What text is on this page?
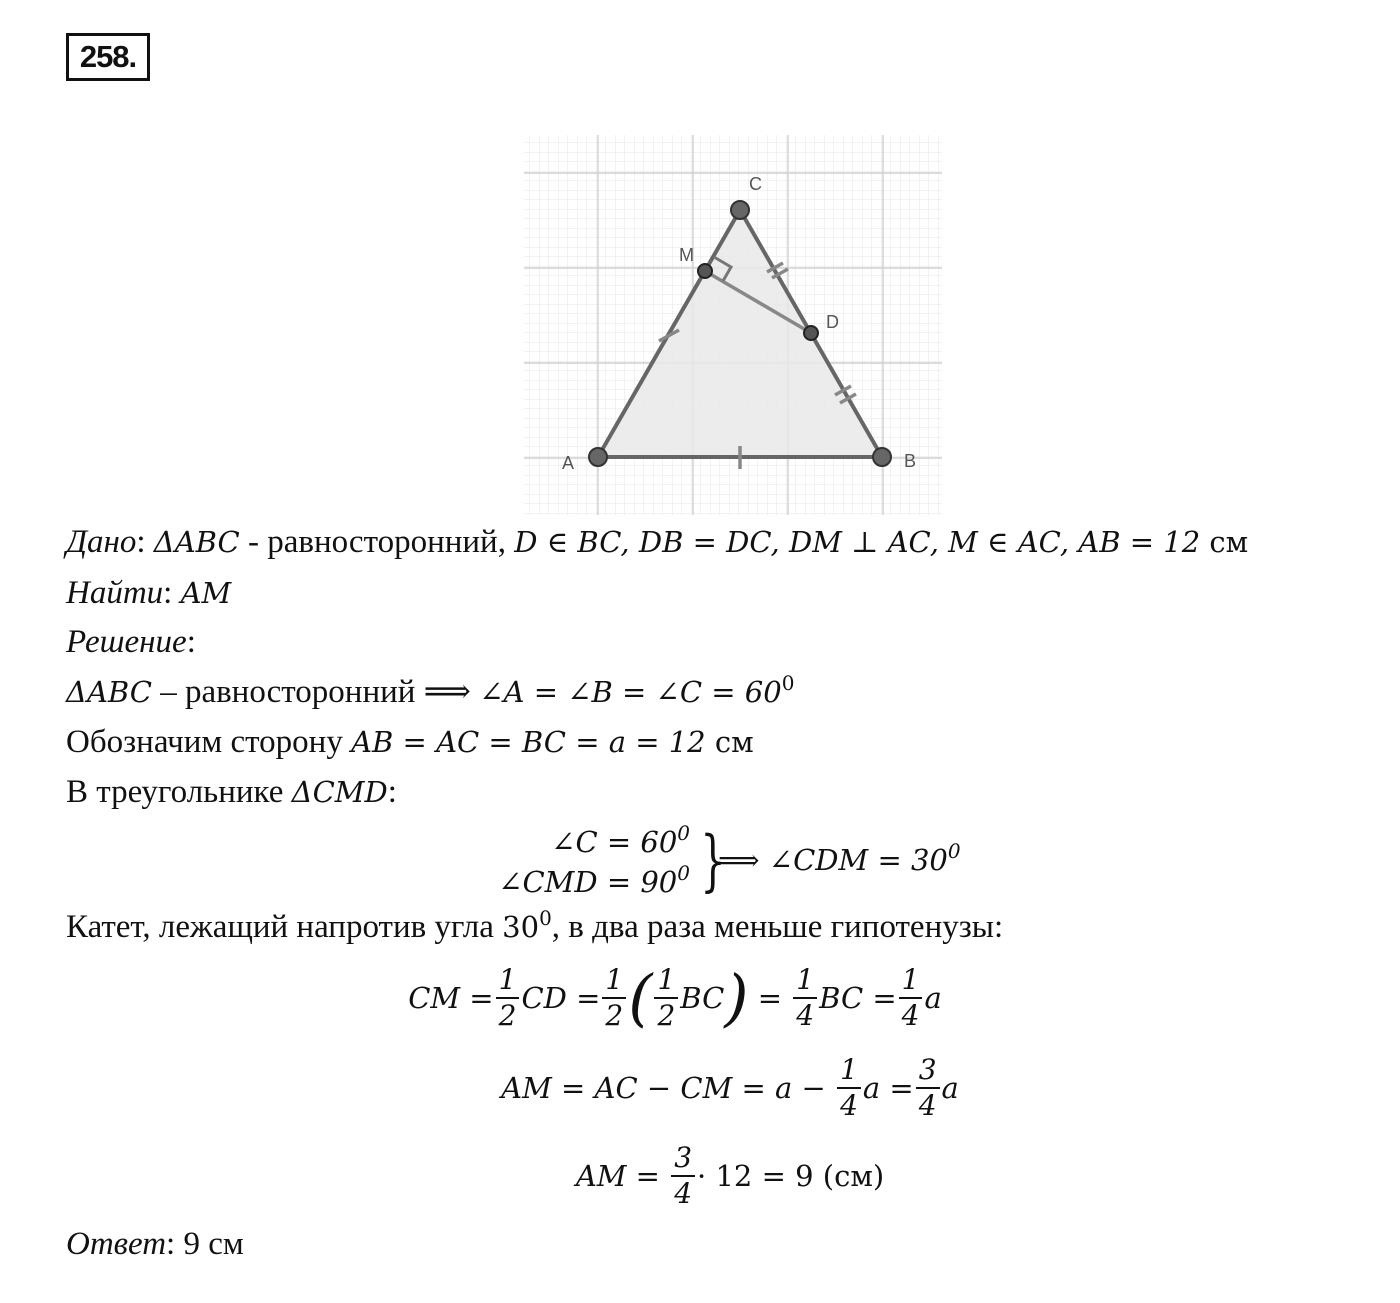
258.
A	B
C
D
M
Дано: ΔABC - равносторонний, D ∈ BC, DB = DC, DM ⊥ AC, M ∈ AC, AB = 12 см
Найти: AM
Решение:
ΔABC – равносторонний ⟹ ∠A = ∠B = ∠C = $60^0$
Обозначим сторону AB = AC = BC = a = 12 см
В треугольнике ΔCMD:
∠C = $60^0$
∠CMD = $90^0$ }
⟹ ∠CDM = $30^0$
Катет, лежащий напротив угла $30^0$, в два раза меньше гипотенузы:
CM = $\frac{1}{2}$ CD = $\frac{1}{2}$ ( $\frac{1}{2}$ BC ) = $\frac{1}{4}$ BC = $\frac{1}{4}$ a
AM = AC − CM = $a - \frac{1}{4}$ $a = \frac{3}{4}$ a
AM = $\frac{3}{4} \cdot 12 = 9$ (см)
Ответ: 9 см
